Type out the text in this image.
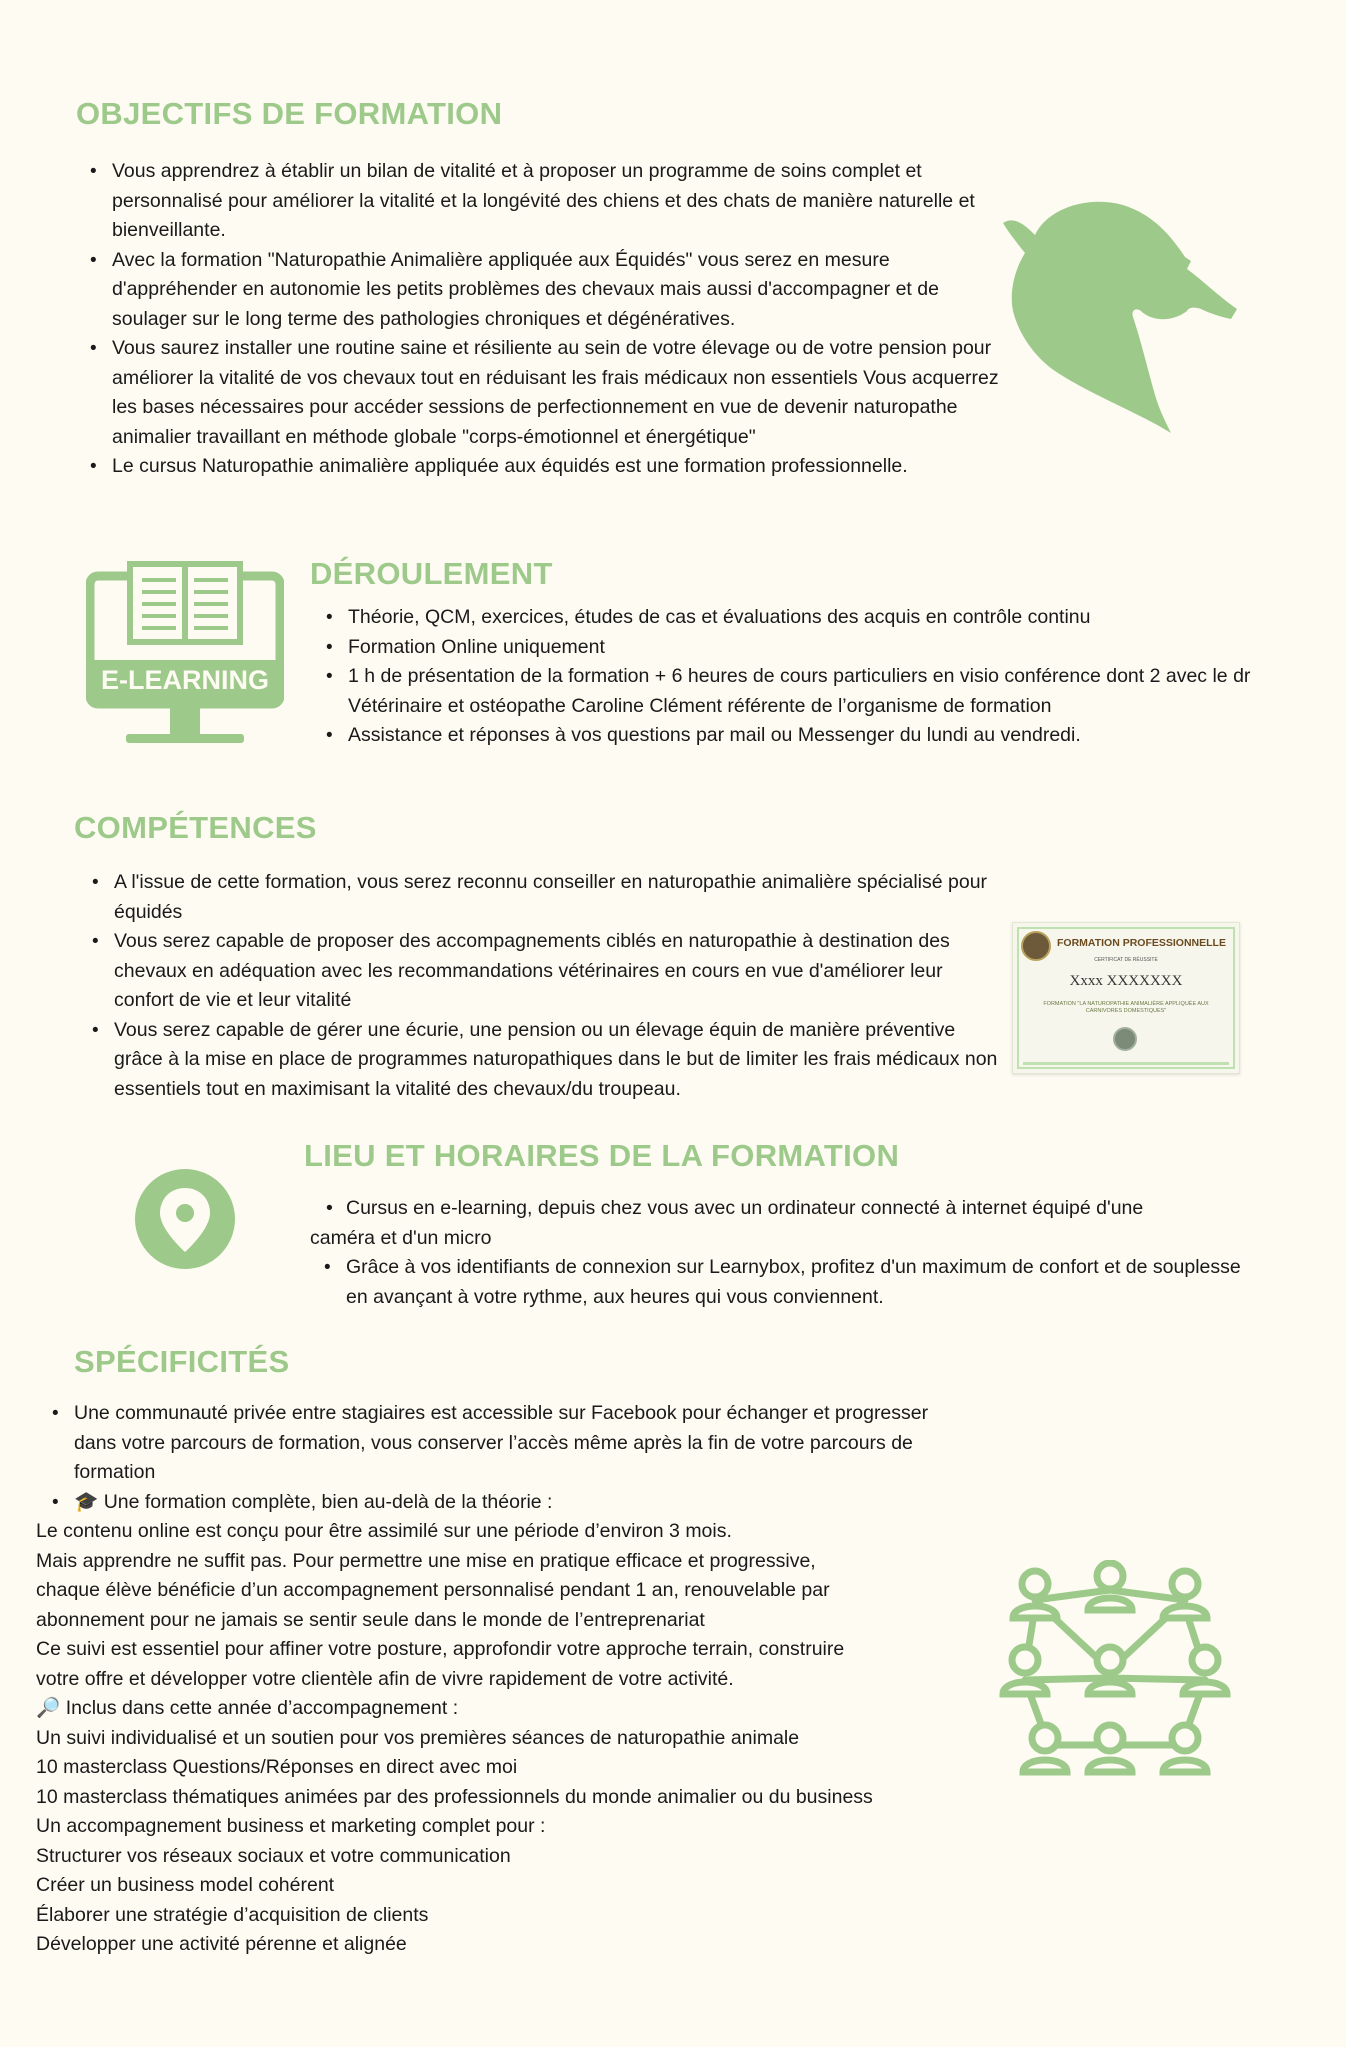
OBJECTIFS DE FORMATION
• Vous apprendrez à établir un bilan de vitalité et à proposer un programme de soins complet et personnalisé pour améliorer la vitalité et la longévité des chiens et des chats de manière naturelle et bienveillante.
• Avec la formation "Naturopathie Animalière appliquée aux Équidés" vous serez en mesure d'appréhender en autonomie les petits problèmes des chevaux mais aussi d'accompagner et de soulager sur le long terme des pathologies chroniques et dégénératives.
• Vous saurez installer une routine saine et résiliente au sein de votre élevage ou de votre pension pour améliorer la vitalité de vos chevaux tout en réduisant les frais médicaux non essentiels Vous acquerrez les bases nécessaires pour accéder sessions de perfectionnement en vue de devenir naturopathe animalier travaillant en méthode globale "corps-émotionnel et énergétique"
• Le cursus Naturopathie animalière appliquée aux équidés est une formation professionnelle.
E-LEARNING
DÉROULEMENT
• Théorie, QCM, exercices, études de cas et évaluations des acquis en contrôle continu
• Formation Online uniquement
• 1 h de présentation de la formation + 6 heures de cours particuliers en visio conférence dont 2 avec le dr Vétérinaire et ostéopathe Caroline Clément référente de l’organisme de formation
• Assistance et réponses à vos questions par mail ou Messenger du lundi au vendredi.
COMPÉTENCES
• A l'issue de cette formation, vous serez reconnu conseiller en naturopathie animalière spécialisé pour équidés
• Vous serez capable de proposer des accompagnements ciblés en naturopathie à destination des chevaux en adéquation avec les recommandations vétérinaires en cours en vue d'améliorer leur confort de vie et leur vitalité
• Vous serez capable de gérer une écurie, une pension ou un élevage équin de manière préventive grâce à la mise en place de programmes naturopathiques dans le but de limiter les frais médicaux non essentiels tout en maximisant la vitalité des chevaux/du troupeau.
FORMATION PROFESSIONNELLE
CERTIFICAT DE RÉUSSITE
Xxxx XXXXXXX
FORMATION "LA NATUROPATHIE ANIMALIÈRE APPLIQUÉE AUX CARNIVORES DOMESTIQUES"
LIEU ET HORAIRES DE LA FORMATION

• Cursus en e-learning, depuis chez vous avec un ordinateur connecté à internet équipé d'une

caméra et d'un micro

• Grâce à vos identifiants de connexion sur Learnybox, profitez d'un maximum de confort et de souplesse en avançant à votre rythme, aux heures qui vous conviennent.
SPÉCIFICITÉS
• Une communauté privée entre stagiaires est accessible sur Facebook pour échanger et progresser dans votre parcours de formation, vous conserver l’accès même après la fin de votre parcours de formation
• 🎓 Une formation complète, bien au-delà de la théorie :

Le contenu online est conçu pour être assimilé sur une période d’environ 3 mois.

Mais apprendre ne suffit pas. Pour permettre une mise en pratique efficace et progressive,

chaque élève bénéficie d’un accompagnement personnalisé pendant 1 an, renouvelable par

abonnement pour ne jamais se sentir seule dans le monde de l’entreprenariat

Ce suivi est essentiel pour affiner votre posture, approfondir votre approche terrain, construire

votre offre et développer votre clientèle afin de vivre rapidement de votre activité.

🔎 Inclus dans cette année d’accompagnement :

Un suivi individualisé et un soutien pour vos premières séances de naturopathie animale

10 masterclass Questions/Réponses en direct avec moi

10 masterclass thématiques animées par des professionnels du monde animalier ou du business

Un accompagnement business et marketing complet pour :

Structurer vos réseaux sociaux et votre communication

Créer un business model cohérent

Élaborer une stratégie d’acquisition de clients

Développer une activité pérenne et alignée
